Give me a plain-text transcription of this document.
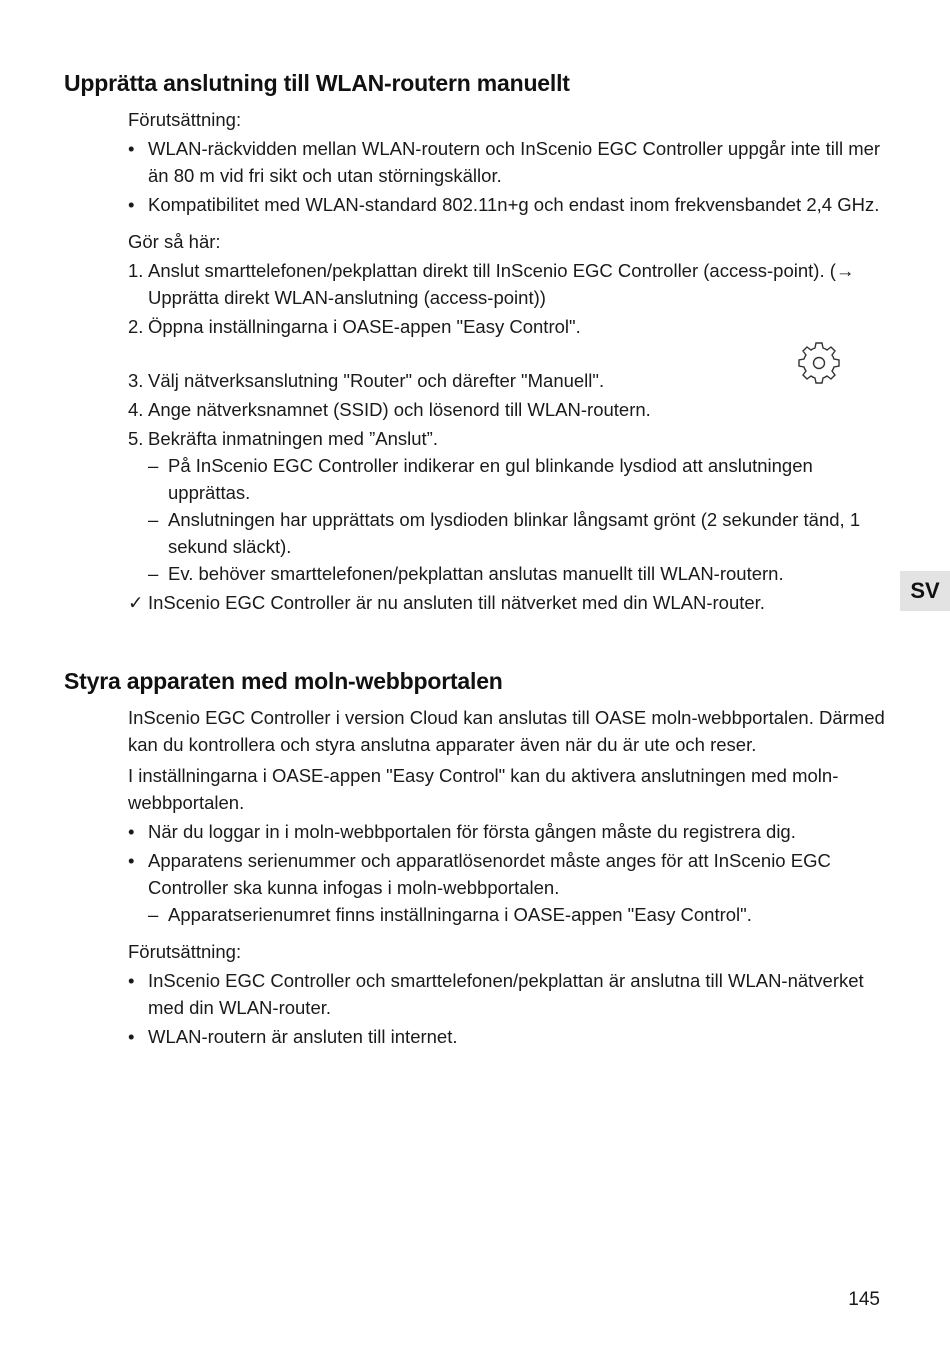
Upprätta anslutning till WLAN-routern manuellt

Förutsättning:

• WLAN-räckvidden mellan WLAN-routern och InScenio EGC Controller uppgår inte till mer än 80 m vid fri sikt och utan störningskällor.
• Kompatibilitet med WLAN-standard 802.11n+g och endast inom frekvensbandet 2,4 GHz.

Gör så här:

1. Anslut smarttelefonen/pekplattan direkt till InScenio EGC Controller (access-point). (→ Upprätta direkt WLAN-anslutning (access-point))
2. Öppna inställningarna i OASE-appen "Easy Control".
3. Välj nätverksanslutning "Router" och därefter "Manuell".
4. Ange nätverksnamnet (SSID) och lösenord till WLAN-routern.
5. Bekräfta inmatningen med ”Anslut”.
– På InScenio EGC Controller indikerar en gul blinkande lysdiod att anslutningen upprättas.
– Anslutningen har upprättats om lysdioden blinkar långsamt grönt (2 sekunder tänd, 1 sekund släckt).
– Ev. behöver smarttelefonen/pekplattan anslutas manuellt till WLAN-routern.
✓ InScenio EGC Controller är nu ansluten till nätverket med din WLAN-router.
Styra apparaten med moln-webbportalen

InScenio EGC Controller i version Cloud kan anslutas till OASE moln-webbportalen. Därmed kan du kontrollera och styra anslutna apparater även när du är ute och reser.

I inställningarna i OASE-appen "Easy Control" kan du aktivera anslutningen med moln-webbportalen.

• När du loggar in i moln-webbportalen för första gången måste du registrera dig.
• Apparatens serienummer och apparatlösenordet måste anges för att InScenio EGC Controller ska kunna infogas i moln-webbportalen.
– Apparatserienumret finns inställningarna i OASE-appen "Easy Control".

Förutsättning:

• InScenio EGC Controller och smarttelefonen/pekplattan är anslutna till WLAN-nätverket med din WLAN-router.
• WLAN-routern är ansluten till internet.
SV
145
